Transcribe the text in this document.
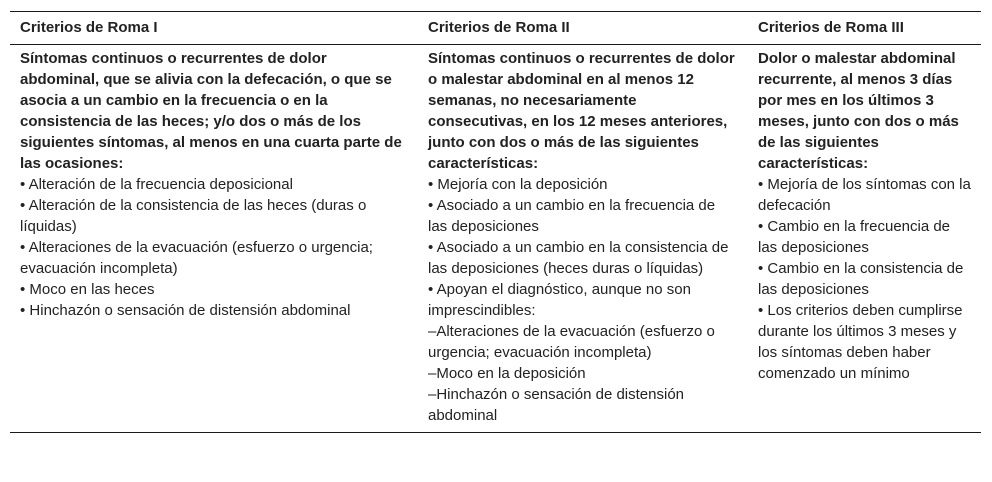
Criterios de Roma I	Criterios de Roma II	Criterios de Roma III

Síntomas continuos o recurrentes de dolor abdominal, que se alivia con la defecación, o que se asocia a un cambio en la frecuencia o en la consistencia de las heces; y/o dos o más de los siguientes síntomas, al menos en una cuarta parte de las ocasiones:

• Alteración de la frecuencia deposicional
• Alteración de la consistencia de las heces (duras o líquidas)
• Alteraciones de la evacuación (esfuerzo o urgencia; evacuación incompleta)
• Moco en las heces
• Hinchazón o sensación de distensión abdominal

Síntomas continuos o recurrentes de dolor o malestar abdominal en al menos 12 semanas, no necesariamente consecutivas, en los 12 meses anteriores, junto con dos o más de las siguientes características:

• Mejoría con la deposición
• Asociado a un cambio en la frecuencia de las deposiciones
• Asociado a un cambio en la consistencia de las deposiciones (heces duras o líquidas)
• Apoyan el diagnóstico, aunque no son imprescindibles:
–Alteraciones de la evacuación (esfuerzo o urgencia; evacuación incompleta)
–Moco en la deposición
–Hinchazón o sensación de distensión abdominal

Dolor o malestar abdominal recurrente, al menos 3 días por mes en los últimos 3 meses, junto con dos o más de las siguientes características:

• Mejoría de los síntomas con la defecación
• Cambio en la frecuencia de las deposiciones
• Cambio en la consistencia de las deposiciones
• Los criterios deben cumplirse durante los últimos 3 meses y los síntomas deben haber comenzado un mínimo
